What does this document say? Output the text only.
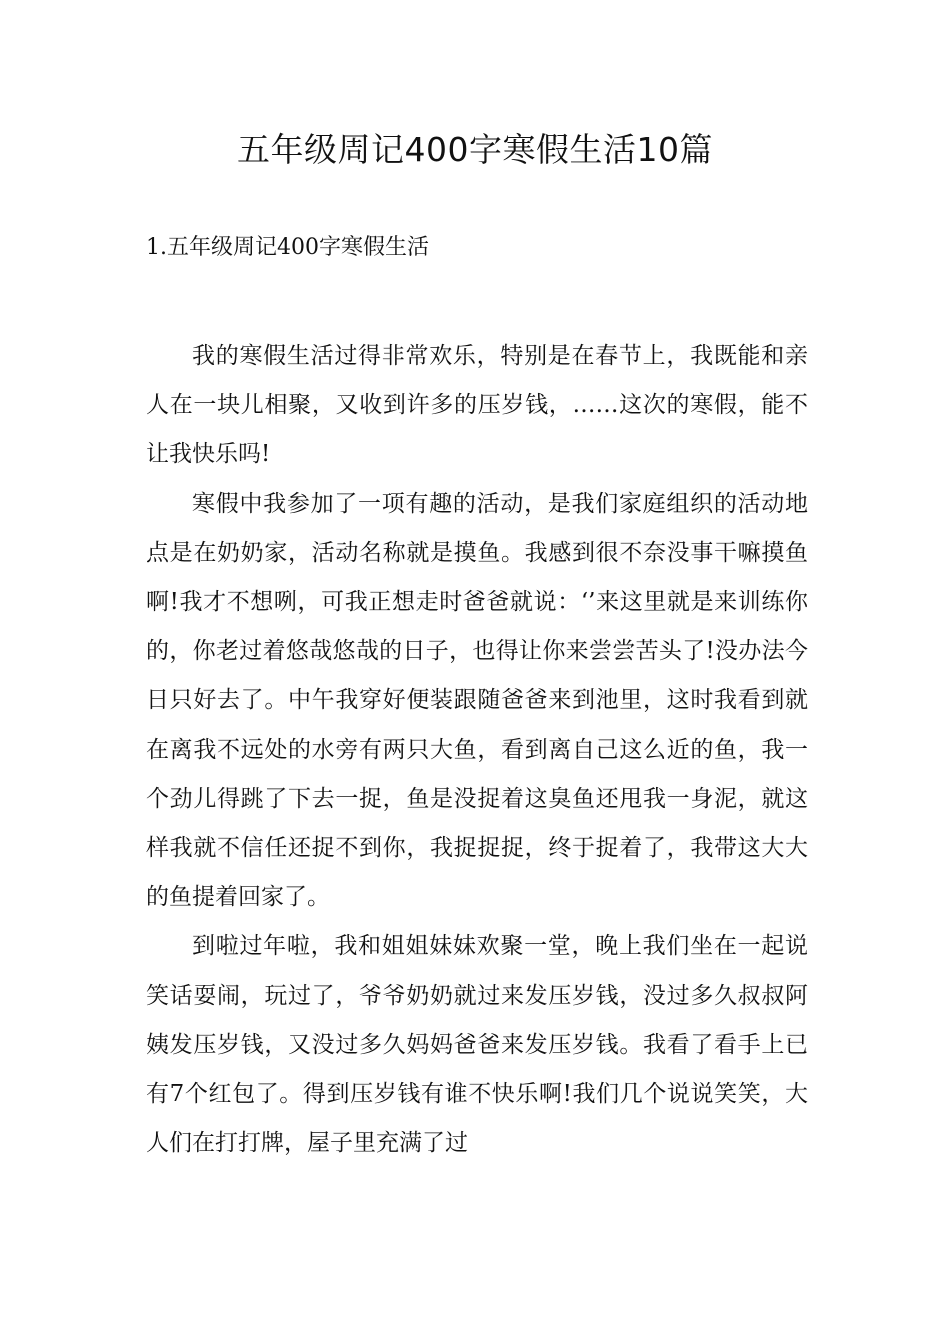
五年级周记400字寒假生活10篇
1.五年级周记400字寒假生活

我的寒假生活过得非常欢乐，特别是在春节上，我既能和亲人在一块儿相聚，又收到许多的压岁钱，……这次的寒假，能不让我快乐吗!

寒假中我参加了一项有趣的活动，是我们家庭组织的活动地点是在奶奶家，活动名称就是摸鱼。我感到很不奈没事干嘛摸鱼啊!我才不想咧，可我正想走时爸爸就说：‘’来这里就是来训练你的，你老过着悠哉悠哉的日子，也得让你来尝尝苦头了!没办法今日只好去了。中午我穿好便装跟随爸爸来到池里，这时我看到就在离我不远处的水旁有两只大鱼，看到离自己这么近的鱼，我一个劲儿得跳了下去一捉，鱼是没捉着这臭鱼还甩我一身泥，就这样我就不信任还捉不到你，我捉捉捉，终于捉着了，我带这大大的鱼提着回家了。

到啦过年啦，我和姐姐妹妹欢聚一堂，晚上我们坐在一起说笑话耍闹，玩过了，爷爷奶奶就过来发压岁钱，没过多久叔叔阿姨发压岁钱，又没过多久妈妈爸爸来发压岁钱。我看了看手上已有7个红包了。得到压岁钱有谁不快乐啊!我们几个说说笑笑，大人们在打打牌，屋子里充满了过
